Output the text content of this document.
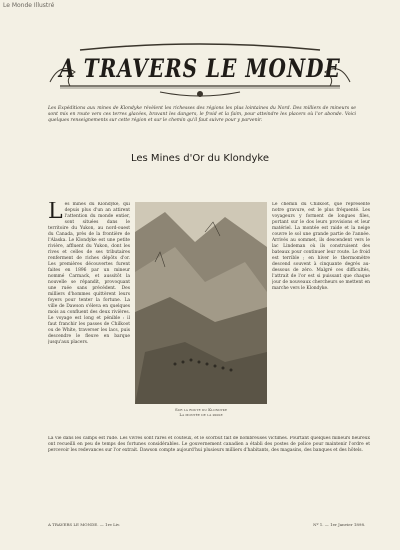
Le Monde Illustré
A TRAVERS LE MONDE
Les Expéditions aux mines de Klondyke révèlent les richesses des régions les plus lointaines du Nord. Des milliers de mineurs se sont mis en route vers ces terres glacées, bravant les dangers, le froid et la faim, pour atteindre les placers où l'or abonde. Voici quelques renseignements sur cette région et sur le chemin qu'il faut suivre pour y parvenir.
Les Mines d'Or du Klondyke
L es mines du Klondyke, qui depuis plus d'un an attirent l'attention du monde entier, sont situées dans le territoire du Yukon, au nord-ouest du Canada, près de la frontière de l'Alaska. Le Klondyke est une petite rivière, affluent du Yukon, dont les rives et celles de ses tributaires renferment de riches dépôts d'or. Les premières découvertes furent faites en 1896 par un mineur nommé Carmack, et aussitôt la nouvelle se répandit, provoquant une ruée sans précédent. Des milliers d'hommes quittèrent leurs foyers pour tenter la fortune. La ville de Dawson s'éleva en quelques mois au confluent des deux rivières. Le voyage est long et pénible : il faut franchir les passes de Chilkoot ou de White, traverser les lacs, puis descendre le fleuve en barque jusqu'aux placers.
Sur la route du Klondyke
La montée de la passe
Le chemin du Chilkoot, que représente notre gravure, est le plus fréquenté. Les voyageurs y forment de longues files, portant sur le dos leurs provisions et leur matériel. La montée est raide et la neige couvre le sol une grande partie de l'année. Arrivés au sommet, ils descendent vers le lac Lindeman où ils construisent des bateaux pour continuer leur route. Le froid est terrible ; en hiver le thermomètre descend souvent à cinquante degrés au-dessous de zéro. Malgré ces difficultés, l'attrait de l'or est si puissant que chaque jour de nouveaux chercheurs se mettent en marche vers le Klondyke.
La vie dans les camps est rude. Les vivres sont rares et coûteux, et le scorbut fait de nombreuses victimes. Pourtant quelques mineurs heureux ont recueilli en peu de temps des fortunes considérables. Le gouvernement canadien a établi des postes de police pour maintenir l'ordre et percevoir les redevances sur l'or extrait. Dawson compte aujourd'hui plusieurs milliers d'habitants, des magasins, des banques et des hôtels.
A TRAVERS LE MONDE. — 1re Liv.	Nº 1. — 1er Janvier 1898.
